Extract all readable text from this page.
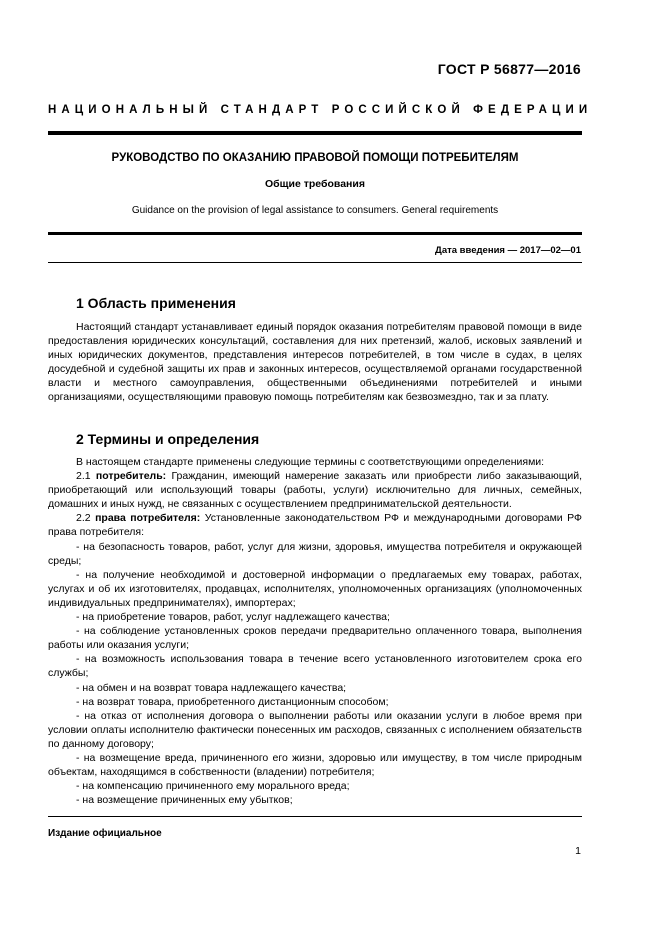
ГОСТ Р 56877—2016
НАЦИОНАЛЬНЫЙ СТАНДАРТ РОССИЙСКОЙ ФЕДЕРАЦИИ
РУКОВОДСТВО ПО ОКАЗАНИЮ ПРАВОВОЙ ПОМОЩИ ПОТРЕБИТЕЛЯМ
Общие требования
Guidance on the provision of legal assistance to consumers. General requirements
Дата введения — 2017—02—01
1 Область применения

Настоящий стандарт устанавливает единый порядок оказания потребителям правовой помощи в виде предоставления юридических консультаций, составления для них претензий, жалоб, исковых заявлений и иных юридических документов, представления интересов потребителей, в том числе в судах, в целях досудебной и судебной защиты их прав и законных интересов, осуществляемой органами государственной власти и местного самоуправления, общественными объединениями потребителей и иными организациями, осуществляющими правовую помощь потребителям как безвозмездно, так и за плату.

2 Термины и определения

В настоящем стандарте применены следующие термины с соответствующими определениями:

2.1 потребитель: Гражданин, имеющий намерение заказать или приобрести либо заказывающий, приобретающий или использующий товары (работы, услуги) исключительно для личных, семейных, домашних и иных нужд, не связанных с осуществлением предпринимательской деятельности.

2.2 права потребителя: Установленные законодательством РФ и международными договорами РФ права потребителя:

- на безопасность товаров, работ, услуг для жизни, здоровья, имущества потребителя и окружающей среды;

- на получение необходимой и достоверной информации о предлагаемых ему товарах, работах, услугах и об их изготовителях, продавцах, исполнителях, уполномоченных организациях (уполномоченных индивидуальных предпринимателях), импортерах;

- на приобретение товаров, работ, услуг надлежащего качества;

- на соблюдение установленных сроков передачи предварительно оплаченного товара, выполнения работы или оказания услуги;

- на возможность использования товара в течение всего установленного изготовителем срока его службы;

- на обмен и на возврат товара надлежащего качества;

- на возврат товара, приобретенного дистанционным способом;

- на отказ от исполнения договора о выполнении работы или оказании услуги в любое время при условии оплаты исполнителю фактически понесенных им расходов, связанных с исполнением обязательств по данному договору;

- на возмещение вреда, причиненного его жизни, здоровью или имуществу, в том числе природным объектам, находящимся в собственности (владении) потребителя;

- на компенсацию причиненного ему морального вреда;

- на возмещение причиненных ему убытков;

Издание официальное
1
